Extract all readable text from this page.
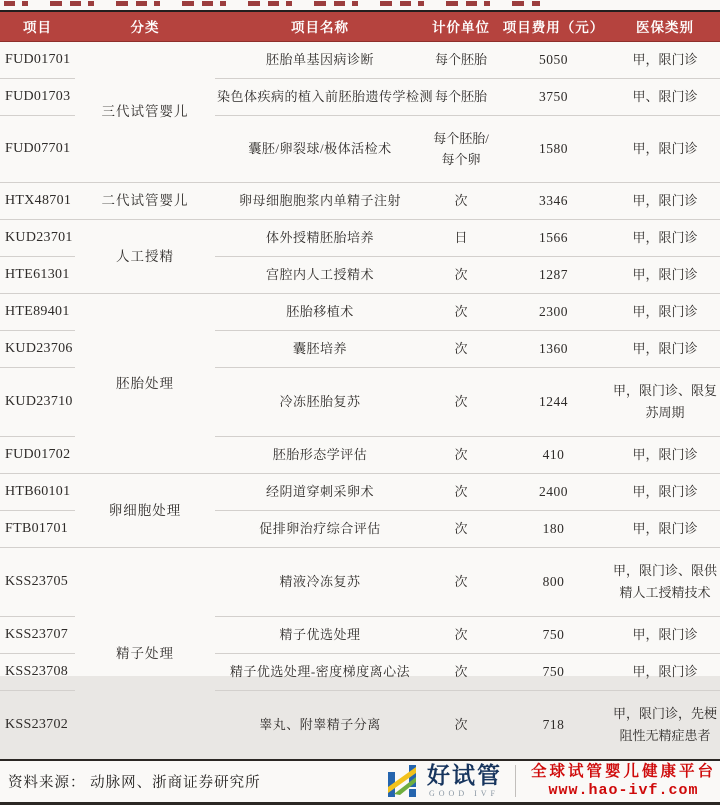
项目	分类	项目名称	计价单位	项目费用（元）	医保类别
FUD01701	三代试管婴儿	胚胎单基因病诊断	每个胚胎	5050	甲，限门诊
FUD01703		染色体疾病的植入前胚胎遗传学检测	每个胚胎	3750	甲、限门诊
FUD07701		囊胚/卵裂球/极体活检术	每个胚胎/每个卵	1580	甲，限门诊
HTX48701	二代试管婴儿	卵母细胞胞浆内单精子注射	次	3346	甲，限门诊
KUD23701	人工授精	体外授精胚胎培养	日	1566	甲，限门诊
HTE61301		宫腔内人工授精术	次	1287	甲，限门诊
HTE89401	胚胎处理	胚胎移植术	次	2300	甲，限门诊
KUD23706		囊胚培养	次	1360	甲，限门诊
KUD23710		冷冻胚胎复苏	次	1244	甲，限门诊、限复苏周期
FUD01702		胚胎形态学评估	次	410	甲，限门诊
HTB60101	卵细胞处理	经阴道穿刺采卵术	次	2400	甲，限门诊
FTB01701		促排卵治疗综合评估	次	180	甲，限门诊
KSS23705	精子处理	精液冷冻复苏	次	800	甲，限门诊、限供精人工授精技术
KSS23707		精子优选处理	次	750	甲，限门诊
KSS23708		精子优选处理-密度梯度离心法	次	750	甲，限门诊
KSS23702		睾丸、附睾精子分离	次	718	甲，限门诊，先梗阻性无精症患者
资料来源： 动脉网、浙商证券研究所	好试管
GOOD IVF
全球试管婴儿健康平台
www.hao-ivf.com
